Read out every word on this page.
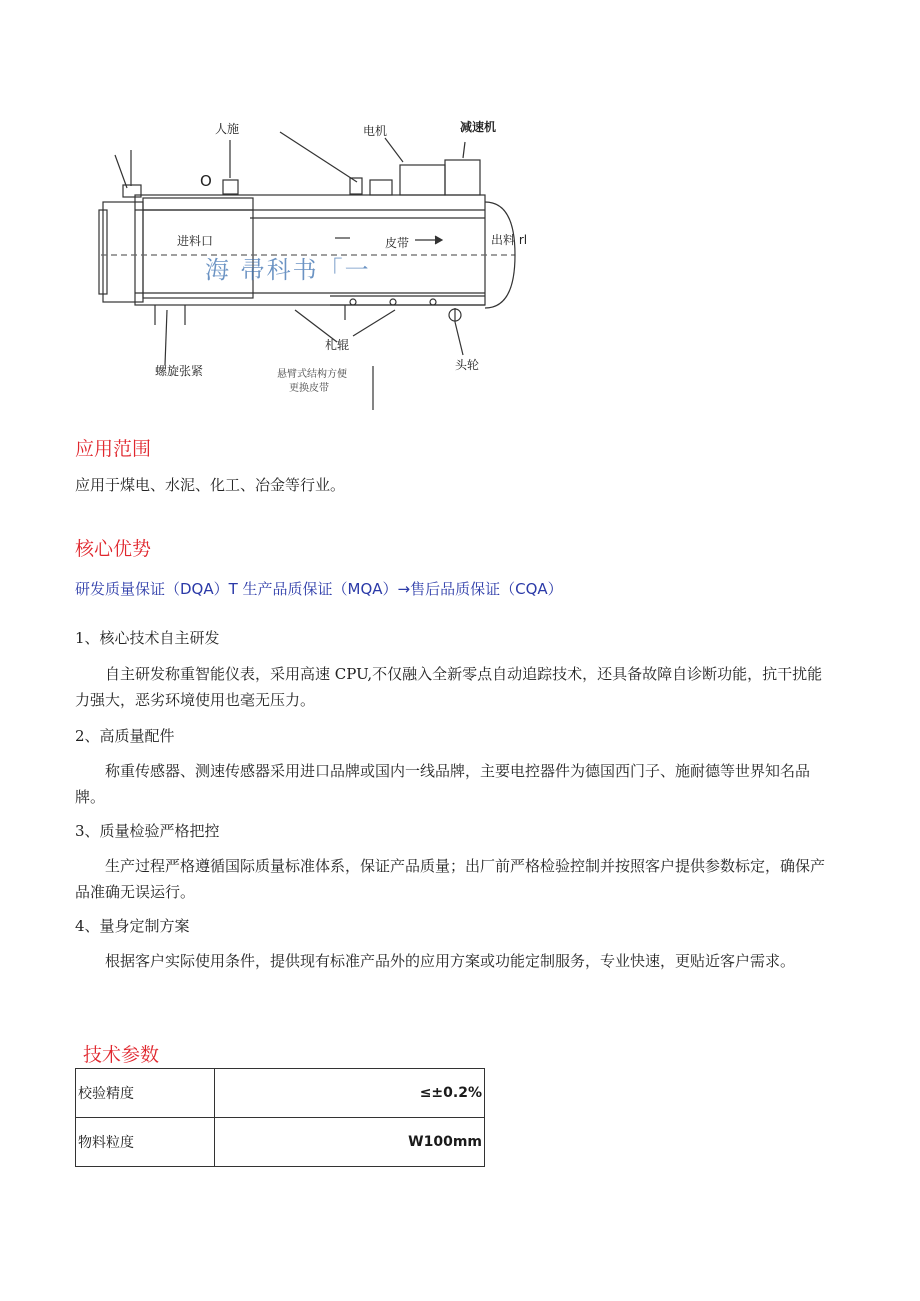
人施	电机	减速机
O
进料口	皮带	出料 rl
札辊
螺旋张紧	头轮
海 帚科书「一
悬臂式结构方便
更换皮带
应用范围

应用于煤电、水泥、化工、冶金等行业。

核心优势
研发质量保证（DQA）T 生产品质保证（MQA）→售后品质保证（CQA）

1、核心技术自主研发

自主研发称重智能仪表，采用高速 CPU,不仅融入全新零点自动追踪技术，还具备故障自诊断功能，抗干扰能力强大，恶劣环境使用也毫无压力。

2、高质量配件

称重传感器、测速传感器采用进口品牌或国内一线品牌，主要电控器件为德国西门子、施耐德等世界知名品牌。

3、质量检验严格把控

生产过程严格遵循国际质量标准体系，保证产品质量；出厂前严格检验控制并按照客户提供参数标定，确保产品准确无误运行。

4、量身定制方案

根据客户实际使用条件，提供现有标准产品外的应用方案或功能定制服务，专业快速，更贴近客户需求。

技术参数
校验精度	≤±0.2%
物料粒度	W100mm
